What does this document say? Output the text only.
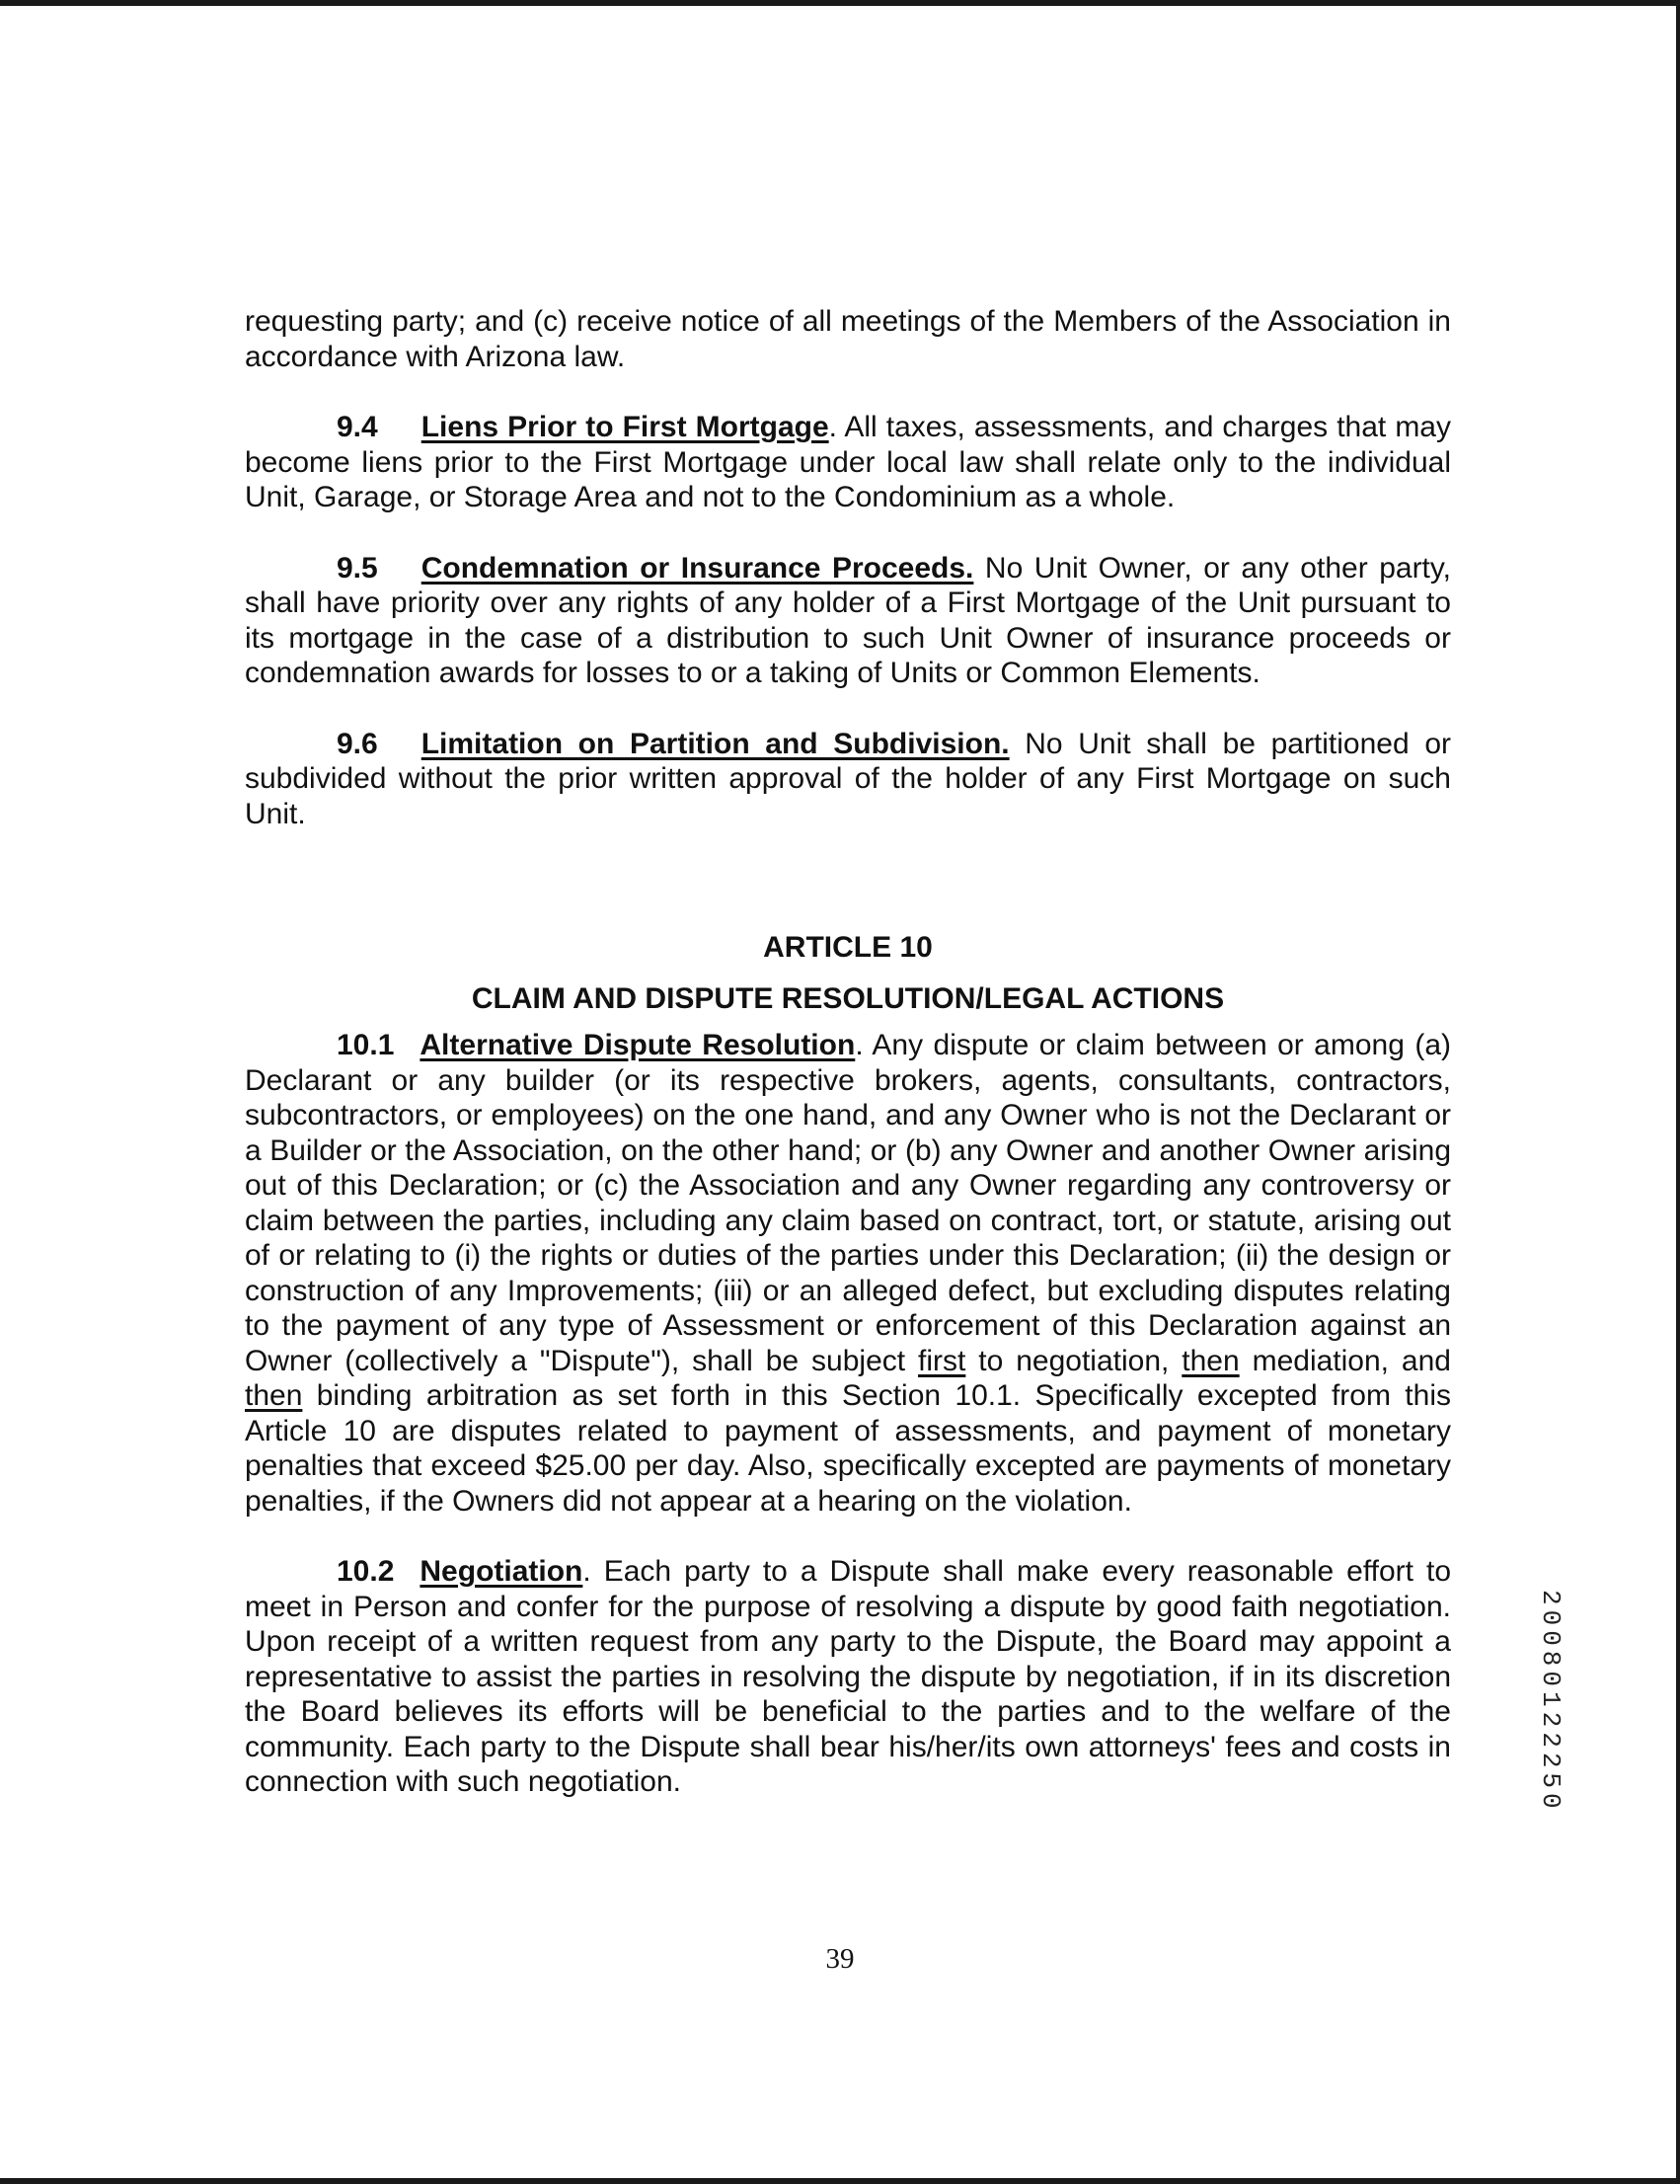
requesting party; and (c) receive notice of all meetings of the Members of the Association in accordance with Arizona law.

9.4 Liens Prior to First Mortgage. All taxes, assessments, and charges that may become liens prior to the First Mortgage under local law shall relate only to the individual Unit, Garage, or Storage Area and not to the Condominium as a whole.

9.5 Condemnation or Insurance Proceeds. No Unit Owner, or any other party, shall have priority over any rights of any holder of a First Mortgage of the Unit pursuant to its mortgage in the case of a distribution to such Unit Owner of insurance proceeds or condemnation awards for losses to or a taking of Units or Common Elements.

9.6 Limitation on Partition and Subdivision. No Unit shall be partitioned or subdivided without the prior written approval of the holder of any First Mortgage on such Unit.

ARTICLE 10

CLAIM AND DISPUTE RESOLUTION/LEGAL ACTIONS

10.1 Alternative Dispute Resolution. Any dispute or claim between or among (a) Declarant or any builder (or its respective brokers, agents, consultants, contractors, subcontractors, or employees) on the one hand, and any Owner who is not the Declarant or a Builder or the Association, on the other hand; or (b) any Owner and another Owner arising out of this Declaration; or (c) the Association and any Owner regarding any controversy or claim between the parties, including any claim based on contract, tort, or statute, arising out of or relating to (i) the rights or duties of the parties under this Declaration; (ii) the design or construction of any Improvements; (iii) or an alleged defect, but excluding disputes relating to the payment of any type of Assessment or enforcement of this Declaration against an Owner (collectively a "Dispute"), shall be subject first to negotiation, then mediation, and then binding arbitration as set forth in this Section 10.1. Specifically excepted from this Article 10 are disputes related to payment of assessments, and payment of monetary penalties that exceed $25.00 per day. Also, specifically excepted are payments of monetary penalties, if the Owners did not appear at a hearing on the violation.

10.2 Negotiation. Each party to a Dispute shall make every reasonable effort to meet in Person and confer for the purpose of resolving a dispute by good faith negotiation. Upon receipt of a written request from any party to the Dispute, the Board may appoint a representative to assist the parties in resolving the dispute by negotiation, if in its discretion the Board believes its efforts will be beneficial to the parties and to the welfare of the community. Each party to the Dispute shall bear his/her/its own attorneys' fees and costs in connection with such negotiation.

39
20080122250
